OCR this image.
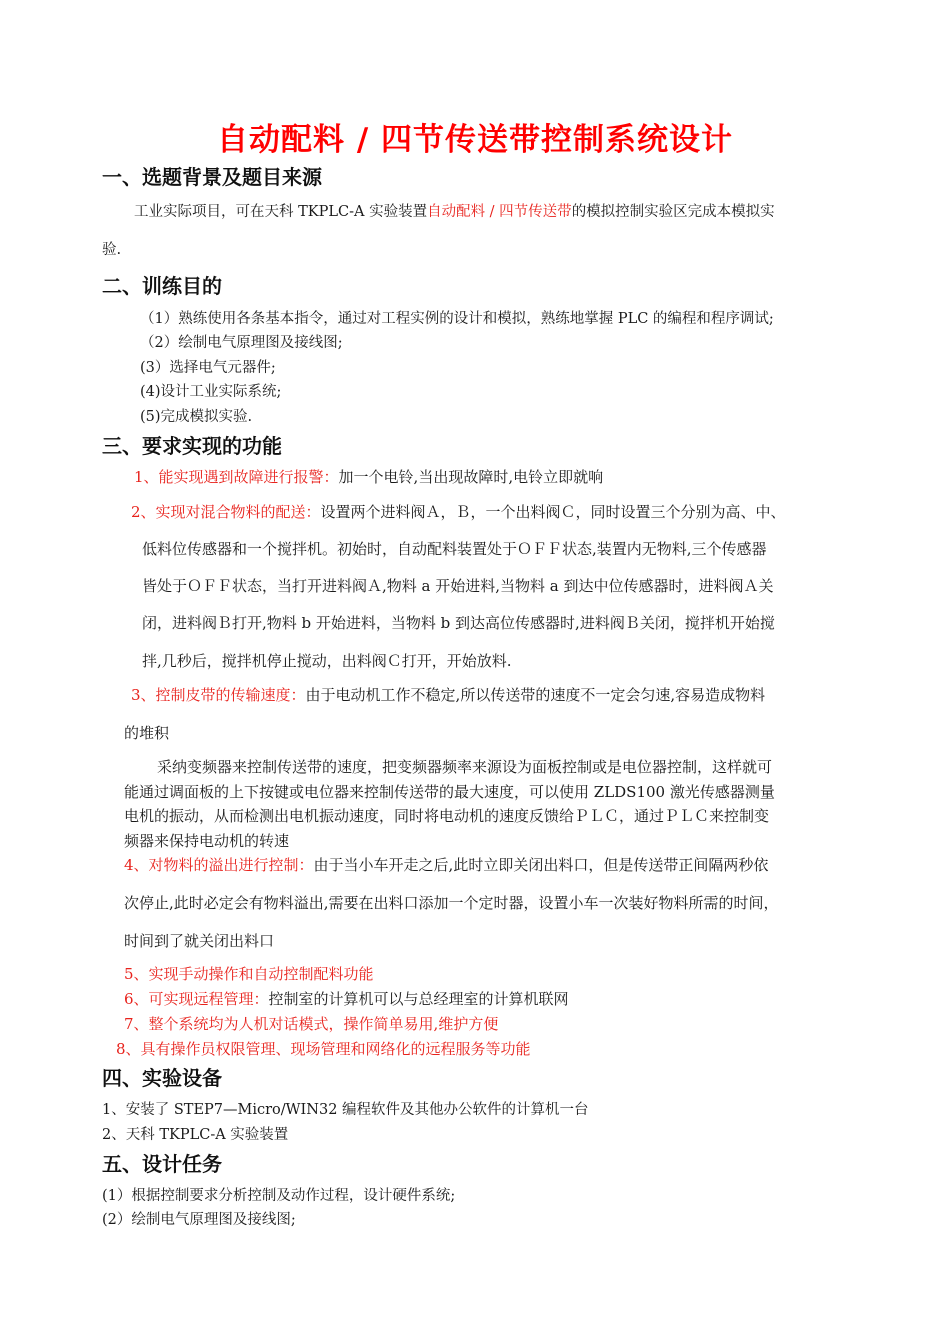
自动配料 / 四节传送带控制系统设计
一、选题背景及题目来源
工业实际项目，可在天科 TKPLC-A 实验装置自动配料 / 四节传送带的模拟控制实验区完成本模拟实
验.
二、训练目的
（1）熟练使用各条基本指令，通过对工程实例的设计和模拟，熟练地掌握 PLC 的编程和程序调试;
（2）绘制电气原理图及接线图;
(3）选择电气元器件;
(4)设计工业实际系统;
(5)完成模拟实验.
三、要求实现的功能
1、能实现遇到故障进行报警：加一个电铃,当出现故障时,电铃立即就响
2、实现对混合物料的配送：设置两个进料阀Ａ，Ｂ，一个出料阀Ｃ，同时设置三个分别为高、中、
低料位传感器和一个搅拌机。初始时，自动配料装置处于ＯＦＦ状态,装置内无物料,三个传感器
皆处于ＯＦＦ状态，当打开进料阀Ａ,物料 a 开始进料,当物料 a 到达中位传感器时，进料阀Ａ关
闭，进料阀Ｂ打开,物料 b 开始进料，当物料 b 到达高位传感器时,进料阀Ｂ关闭，搅拌机开始搅
拌,几秒后，搅拌机停止搅动，出料阀Ｃ打开，开始放料.
3、控制皮带的传输速度：由于电动机工作不稳定,所以传送带的速度不一定会匀速,容易造成物料
的堆积
采纳变频器来控制传送带的速度，把变频器频率来源设为面板控制或是电位器控制，这样就可
能通过调面板的上下按键或电位器来控制传送带的最大速度，可以使用 ZLDS100 激光传感器测量
电机的振动，从而检测出电机振动速度，同时将电动机的速度反馈给ＰＬＣ，通过ＰＬＣ来控制变
频器来保持电动机的转速
4、对物料的溢出进行控制：由于当小车开走之后,此时立即关闭出料口，但是传送带正间隔两秒依
次停止,此时必定会有物料溢出,需要在出料口添加一个定时器，设置小车一次装好物料所需的时间，
时间到了就关闭出料口
5、实现手动操作和自动控制配料功能
6、可实现远程管理：控制室的计算机可以与总经理室的计算机联网
7、整个系统均为人机对话模式，操作简单易用,维护方便
8、具有操作员权限管理、现场管理和网络化的远程服务等功能
四、实验设备
1、安装了 STEP7—Micro/WIN32 编程软件及其他办公软件的计算机一台
2、天科 TKPLC-A 实验装置
五、设计任务
(1）根据控制要求分析控制及动作过程，设计硬件系统;
(2）绘制电气原理图及接线图;
